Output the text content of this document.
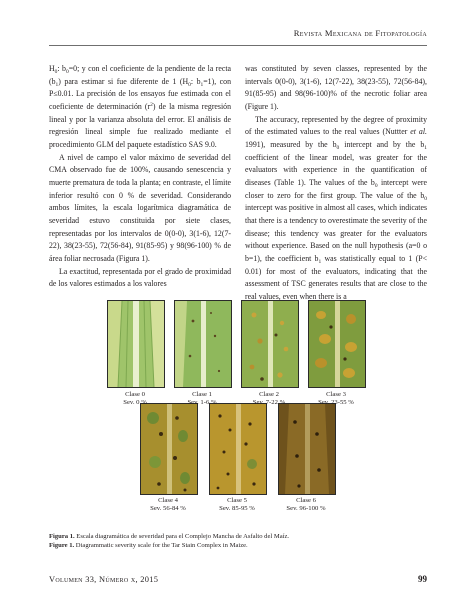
Revista Mexicana de Fitopatología

$H_0$: $b_0=0$; y con el coeficiente de la pendiente de la recta $(b_1)$ para estimar si fue diferente de 1 ($H_0$: $b_1=1$), con P≤0.01. La precisión de los ensayos fue estimada con el coeficiente de determinación $(r^2)$ de la misma regresión lineal y por la varianza absoluta del error. El análisis de regresión lineal simple fue realizado mediante el procedimiento GLM del paquete estadístico SAS 9.0.

A nivel de campo el valor máximo de severidad del CMA observado fue de 100%, causando senescencia y muerte prematura de toda la planta; en contraste, el límite inferior resultó con 0 % de severidad. Considerando ambos límites, la escala logarítmica diagramática de severidad estuvo constituida por siete clases, representadas por los intervalos de 0(0-0), 3(1-6), 12(7-22), 38(23-55), 72(56-84), 91(85-95) y 98(96-100) % de área foliar necrosada (Figura 1).

La exactitud, representada por el grado de proximidad de los valores estimados a los valores

was constituted by seven classes, represented by the intervals 0(0-0), 3(1-6), 12(7-22), 38(23-55), 72(56-84), 91(85-95) and 98(96-100)% of the necrotic foliar area (Figure 1).

The accuracy, represented by the degree of proximity of the estimated values to the real values (Nuttter et al. 1991), measured by the $b_0$ intercept and by the $b_1$ coefficient of the linear model, was greater for the evaluators with experience in the quantification of diseases (Table 1). The values of the $b_0$ intercept were closer to zero for the first group. The value of the $b_0$ intercept was positive in almost all cases, which indicates that there is a tendency to overestimate the severity of the disease; this tendency was greater for the evaluators without experience. Based on the null hypothesis (a=0 o b=1), the coefficient $b_1$ was statistically equal to 1 (P< 0.01) for most of the evaluators, indicating that the assessment of TSC generates results that are close to the real values, even when there is a

Clase 0
Sev. 0 %
Clase 1
Sev. 1-6 %
Clase 2
Sev. 7-22 %
Clase 3
Sev. 23-55 %
Clase 4
Sev. 56-84 %
Clase 5
Sev. 85-95 %
Clase 6
Sev. 96-100 %
Figura 1. Escala diagramática de severidad para el Complejo Mancha de Asfalto del Maíz.
Figure 1. Diagrammatic severity scale for the Tar Stain Complex in Maize.
Volumen 33, Número x, 2015	99
